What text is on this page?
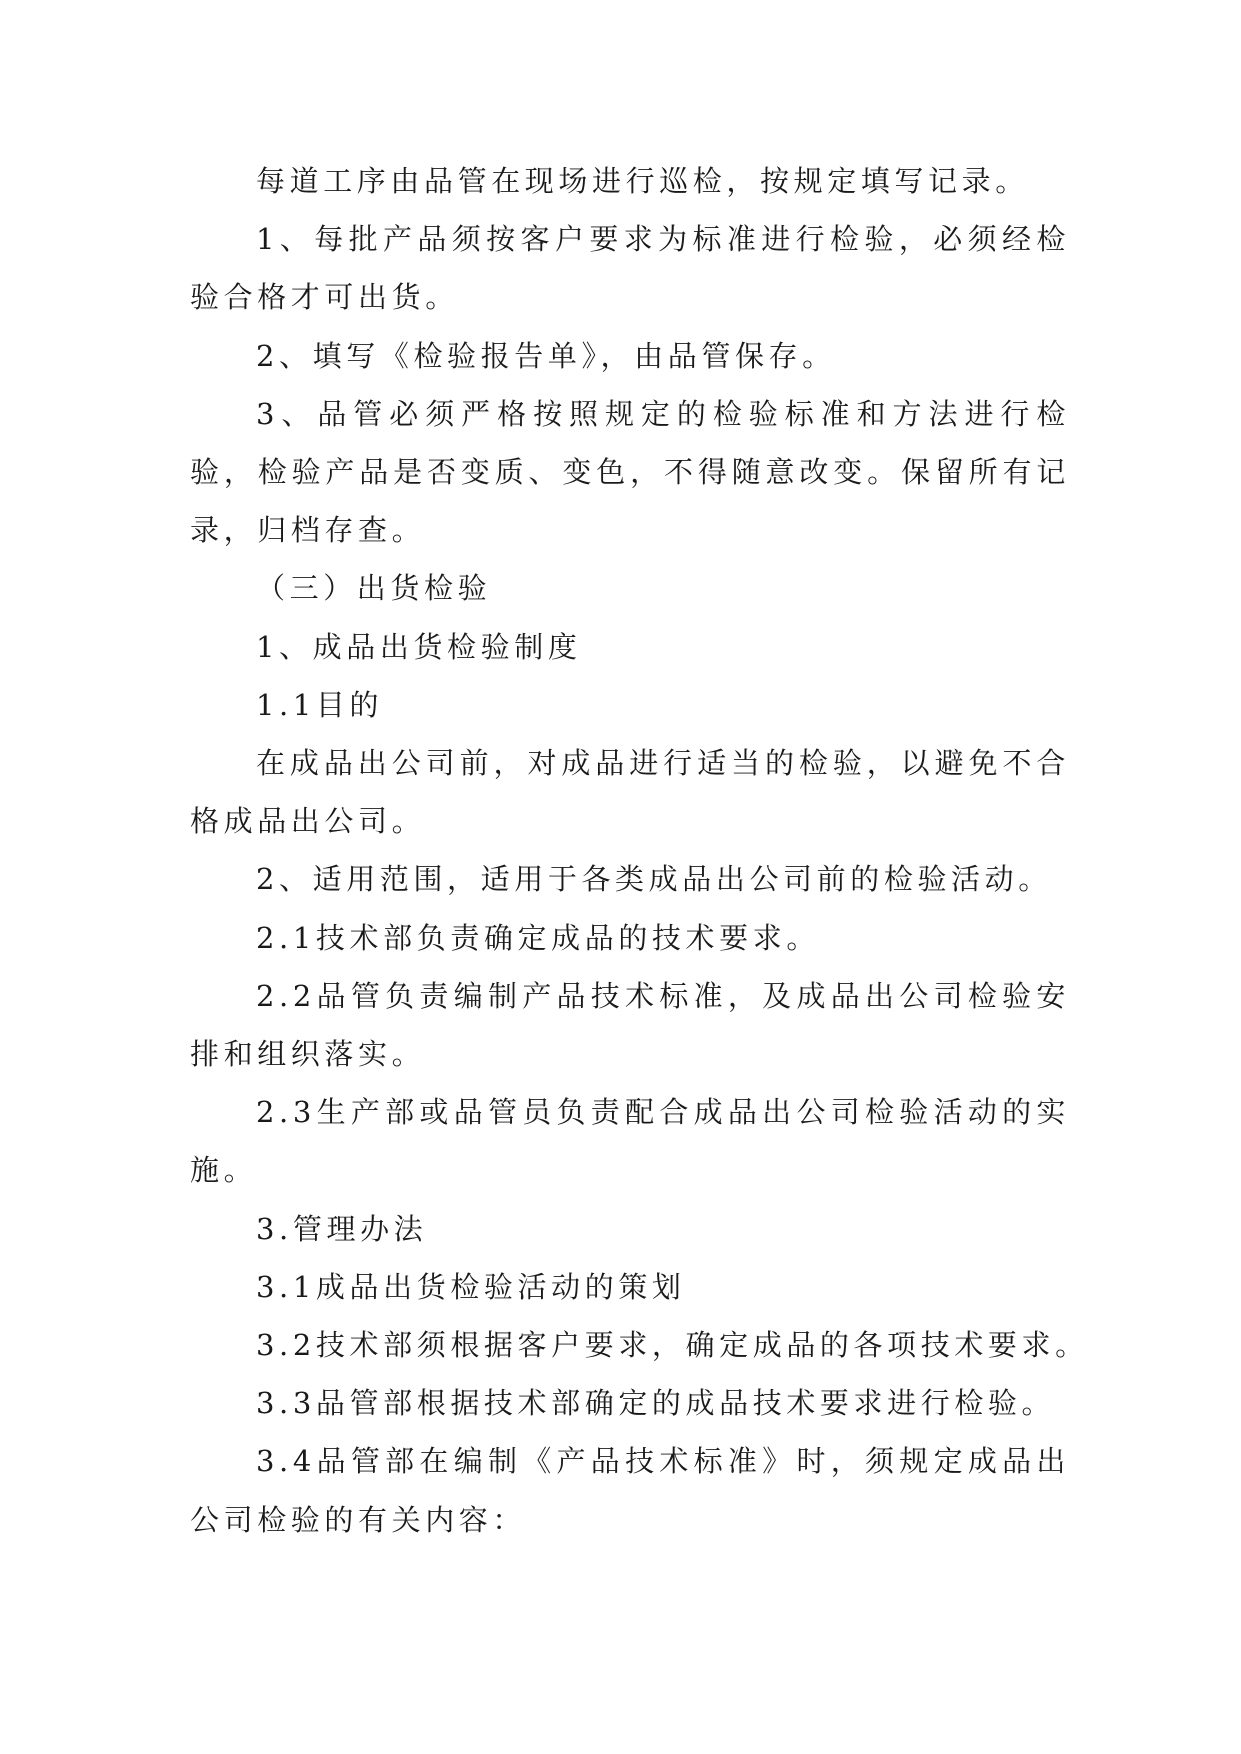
每道工序由品管在现场进行巡检，按规定填写记录。

1、每批产品须按客户要求为标准进行检验，必须经检验合格才可出货。

2、填写《检验报告单》，由品管保存。

3、品管必须严格按照规定的检验标准和方法进行检验，检验产品是否变质、变色，不得随意改变。保留所有记录，归档存查。

（三）出货检验

1、成品出货检验制度

1.1目的

在成品出公司前，对成品进行适当的检验，以避免不合格成品出公司。

2、适用范围，适用于各类成品出公司前的检验活动。

2.1技术部负责确定成品的技术要求。

2.2品管负责编制产品技术标准，及成品出公司检验安排和组织落实。

2.3生产部或品管员负责配合成品出公司检验活动的实施。

3.管理办法

3.1成品出货检验活动的策划

3.2技术部须根据客户要求，确定成品的各项技术要求。

3.3品管部根据技术部确定的成品技术要求进行检验。

3.4品管部在编制《产品技术标准》时，须规定成品出公司检验的有关内容：
